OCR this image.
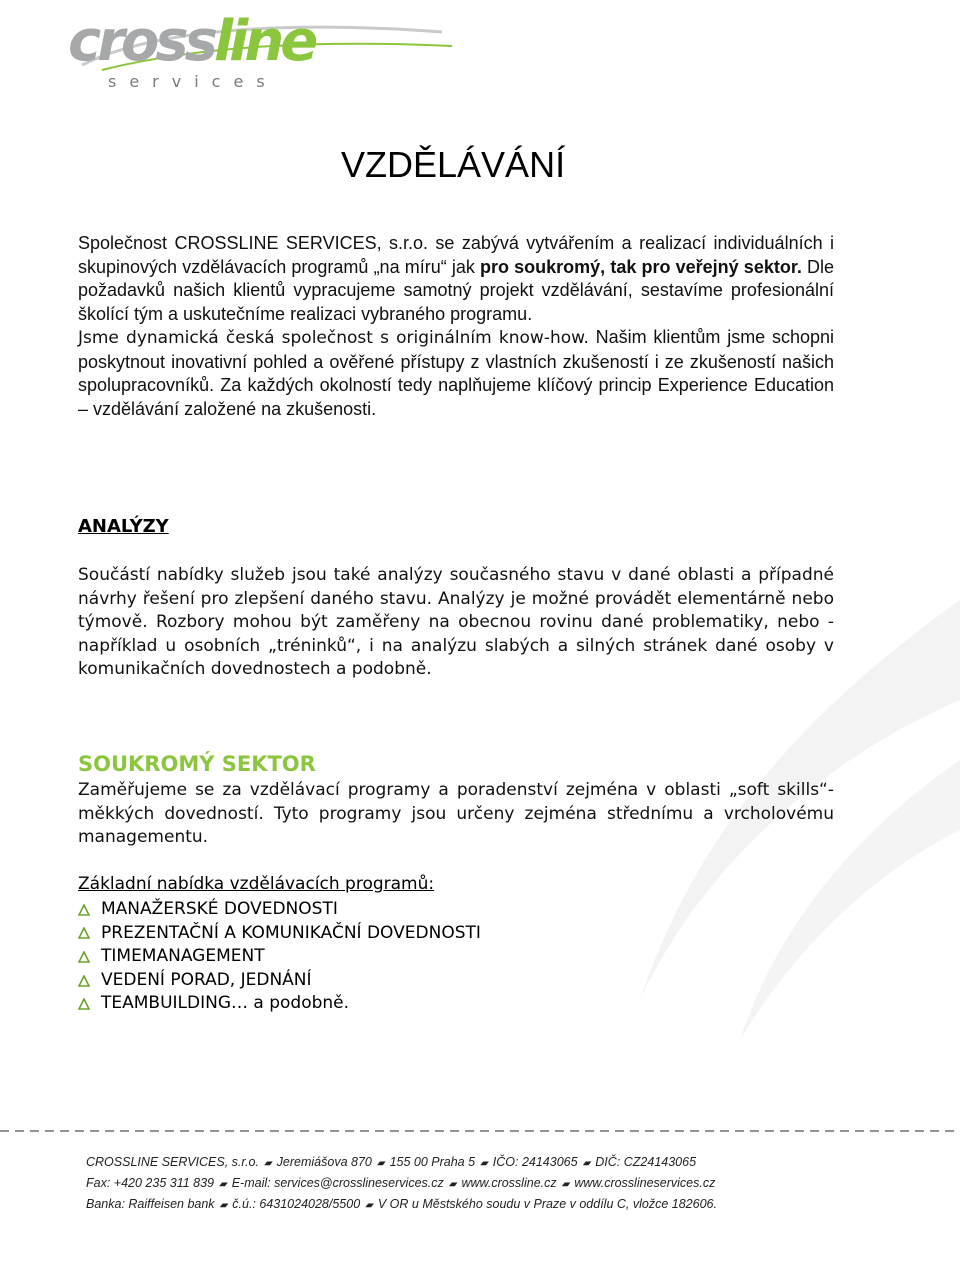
crossline
services
VZDĚLÁVÁNÍ

Společnost CROSSLINE SERVICES, s.r.o. se zabývá vytvářením a realizací individuálních i skupinových vzdělávacích programů „na míru“ jak pro soukromý, tak pro veřejný sektor. Dle požadavků našich klientů vypracujeme samotný projekt vzdělávání, sestavíme profesionální školící tým a uskutečníme realizaci vybraného programu.
Jsme dynamická česká společnost s originálním know-how. Našim klientům jsme schopni poskytnout inovativní pohled a ověřené přístupy z vlastních zkušeností i ze zkušeností našich spolupracovníků. Za každých okolností tedy naplňujeme klíčový princip Experience Education – vzdělávání založené na zkušenosti.

ANALÝZY

Součástí nabídky služeb jsou také analýzy současného stavu v dané oblasti a případné návrhy řešení pro zlepšení daného stavu. Analýzy je možné provádět elementárně nebo týmově. Rozbory mohou být zaměřeny na obecnou rovinu dané problematiky, nebo - například u osobních „tréninků“, i na analýzu slabých a silných stránek dané osoby v komunikačních dovednostech a podobně.

SOUKROMÝ SEKTOR

Zaměřujeme se za vzdělávací programy a poradenství zejména v oblasti „soft skills“- měkkých dovedností. Tyto programy jsou určeny zejména střednímu a vrcholovému managementu.

Základní nabídka vzdělávacích programů:

MANAŽERSKÉ DOVEDNOSTI
PREZENTAČNÍ A KOMUNIKAČNÍ DOVEDNOSTI
TIMEMANAGEMENT
VEDENÍ PORAD, JEDNÁNÍ
TEAMBUILDING… a podobně.
CROSSLINE SERVICES, s.r.o. ▰ Jeremiášova 870 ▰ 155 00 Praha 5 ▰ IČO: 24143065 ▰ DIČ: CZ24143065
Fax: +420 235 311 839 ▰ E-mail: services@crosslineservices.cz ▰ www.crossline.cz ▰ www.crosslineservices.cz
Banka: Raiffeisen bank ▰ č.ú.: 6431024028/5500 ▰ V OR u Městského soudu v Praze v oddílu C, vložce 182606.
